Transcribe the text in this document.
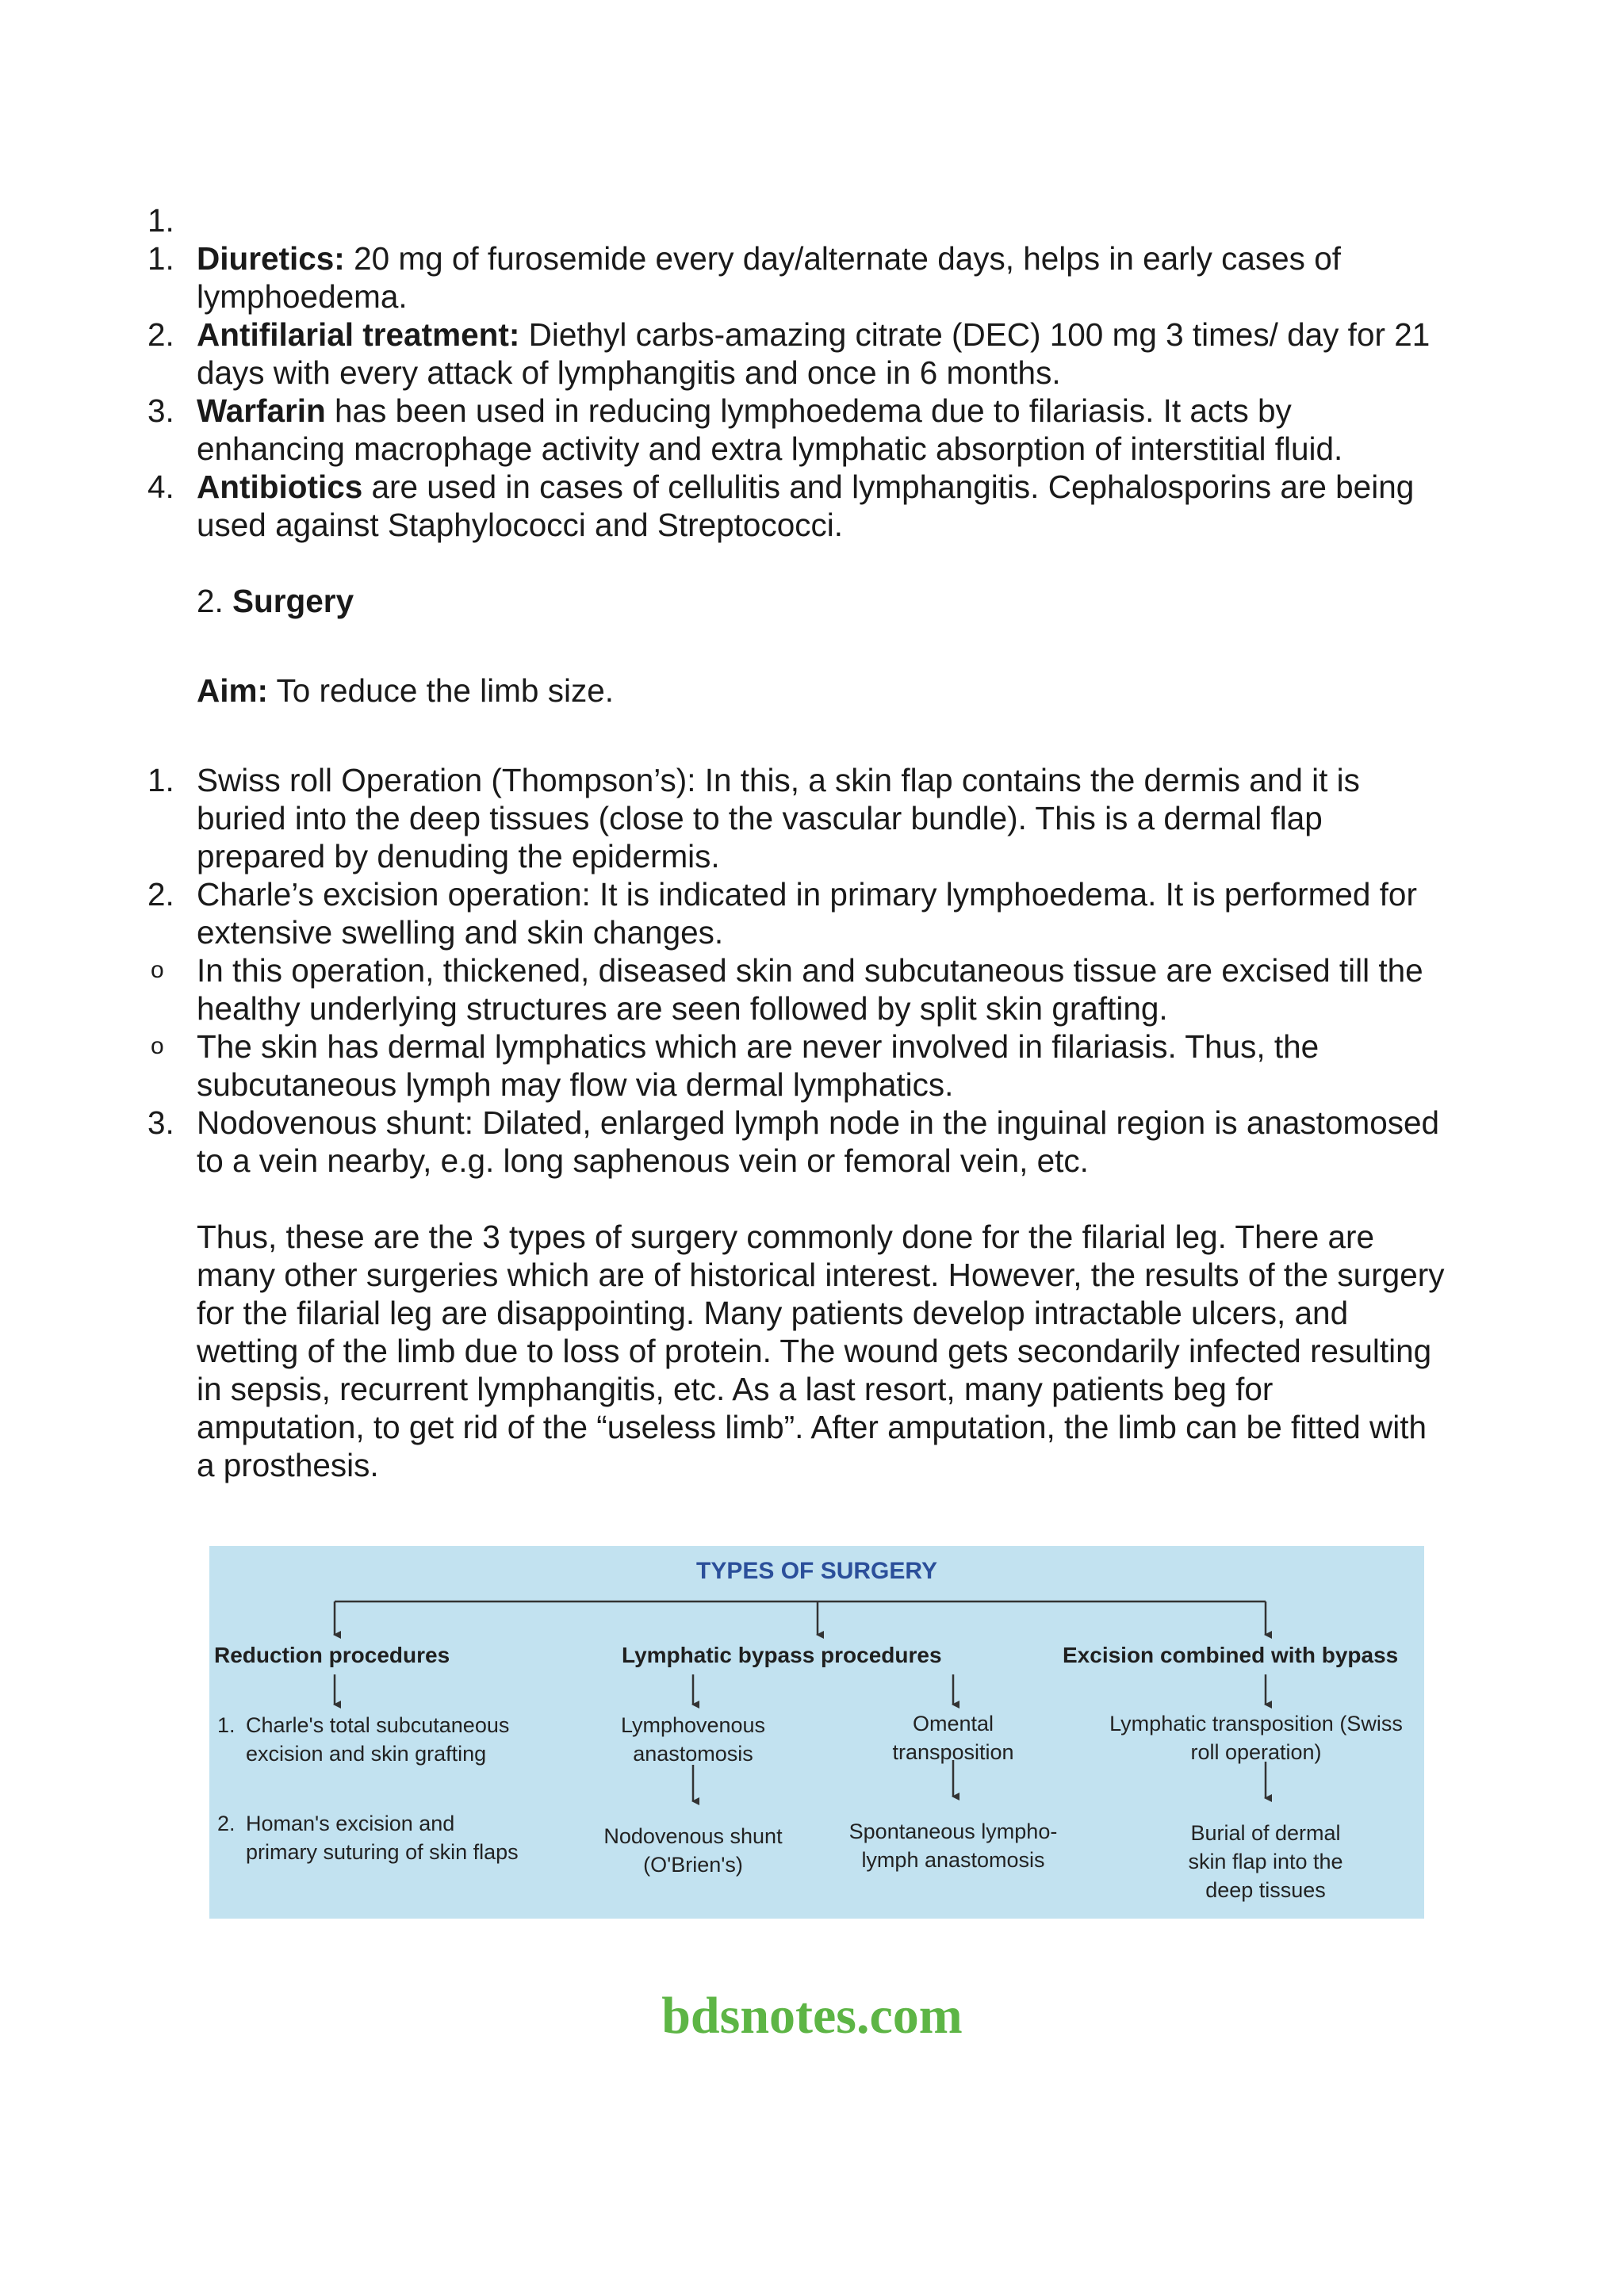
1.
1. Diuretics: 20 mg of furosemide every day/alternate days, helps in early cases of lymphoedema.
2. Antifilarial treatment: Diethyl carbs-amazing citrate (DEC) 100 mg 3 times/ day for 21 days with every attack of lymphangitis and once in 6 months.
3. Warfarin has been used in reducing lymphoedema due to filariasis. It acts by enhancing macrophage activity and extra lymphatic absorption of interstitial fluid.
4. Antibiotics are used in cases of cellulitis and lymphangitis. Cephalosporins are being used against Staphylococci and Streptococci.
2. Surgery
Aim: To reduce the limb size.
1. Swiss roll Operation (Thompson’s): In this, a skin flap contains the dermis and it is buried into the deep tissues (close to the vascular bundle). This is a dermal flap prepared by denuding the epidermis.
2. Charle’s excision operation: It is indicated in primary lymphoedema. It is performed for extensive swelling and skin changes.
o	In this operation, thickened, diseased skin and subcutaneous tissue are excised till the healthy underlying structures are seen followed by split skin grafting.
o	The skin has dermal lymphatics which are never involved in filariasis. Thus, the subcutaneous lymph may flow via dermal lymphatics.
3. Nodovenous shunt: Dilated, enlarged lymph node in the inguinal region is anastomosed to a vein nearby, e.g. long saphenous vein or femoral vein, etc.
Thus, these are the 3 types of surgery commonly done for the filarial leg. There are many other surgeries which are of historical interest. However, the results of the surgery for the filarial leg are disappointing. Many patients develop intractable ulcers, and wetting of the limb due to loss of protein. The wound gets secondarily infected resulting in sepsis, recurrent lymphangitis, etc. As a last resort, many patients beg for amputation, to get rid of the “useless limb”. After amputation, the limb can be fitted with a prosthesis.
TYPES OF SURGERY
Reduction procedures	Lymphatic bypass procedures	Excision combined with bypass
1. Charle's total subcutaneous
excision and skin grafting
2. Homan's excision and
primary suturing of skin flaps
Lymphovenous
anastomosis
Nodovenous shunt
(O'Brien's)
Omental
transposition
Spontaneous lympho-
lymph anastomosis
Lymphatic transposition (Swiss
roll operation)
Burial of dermal
skin flap into the
deep tissues
bdsnotes.com
